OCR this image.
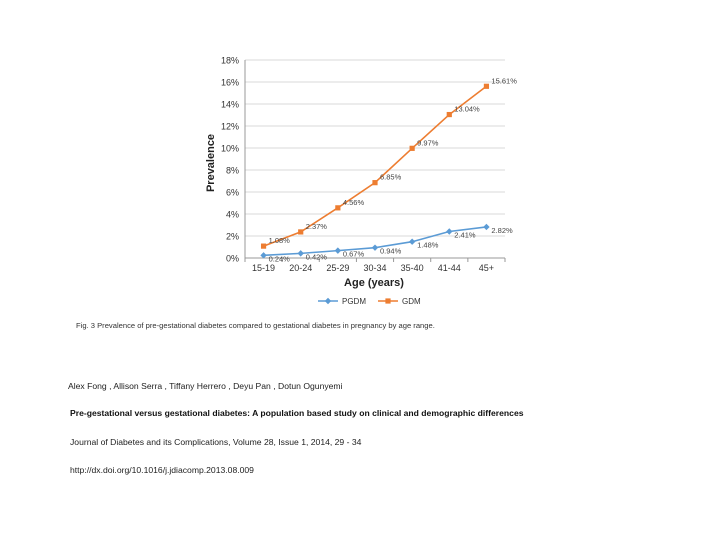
0%
2%
4%
6%
8%
10%
12%
14%
16%
18%
15-19 20-24 25-29 30-34 35-40 41-44 45+
Prevalence
Age (years)
0.24% 0.42% 0.67% 0.94%
1.48%
2.41%
2.82%
1.08%
2.37%
4.56%
6.85%
9.97%
13.04%
15.61%
PGDM	GDM
Fig. 3 Prevalence of pre-gestational diabetes compared to gestational diabetes in pregnancy by age range.
Alex Fong , Allison Serra , Tiffany Herrero , Deyu Pan , Dotun Ogunyemi
Pre-gestational versus gestational diabetes: A population based study on clinical and demographic differences
Journal of Diabetes and its Complications, Volume 28, Issue 1, 2014, 29 - 34
http://dx.doi.org/10.1016/j.jdiacomp.2013.08.009
